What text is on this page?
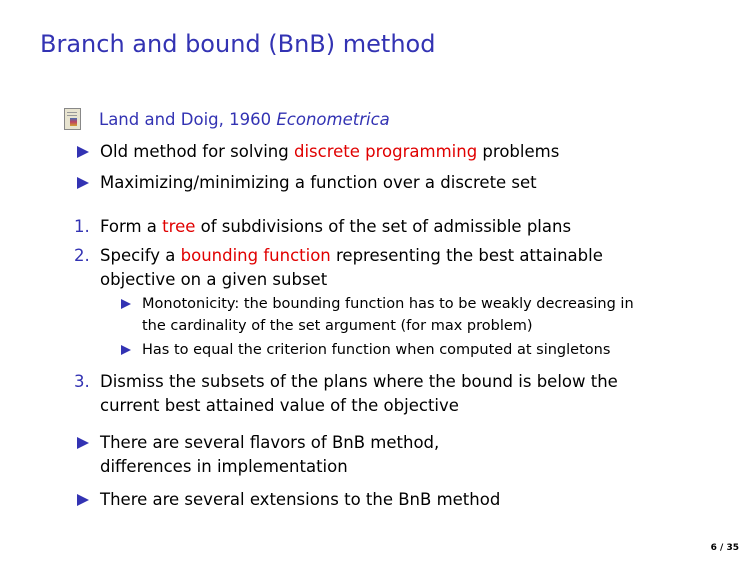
Branch and bound (BnB) method
Land and Doig, 1960 Econometrica
Old method for solving discrete programming problems
Maximizing/minimizing a function over a discrete set
1. Form a tree of subdivisions of the set of admissible plans
2. Specify a bounding function representing the best attainable
objective on a given subset
Monotonicity: the bounding function has to be weakly decreasing in
the cardinality of the set argument (for max problem)
Has to equal the criterion function when computed at singletons
3. Dismiss the subsets of the plans where the bound is below the
current best attained value of the objective
There are several flavors of BnB method,
differences in implementation
There are several extensions to the BnB method
6 / 35
